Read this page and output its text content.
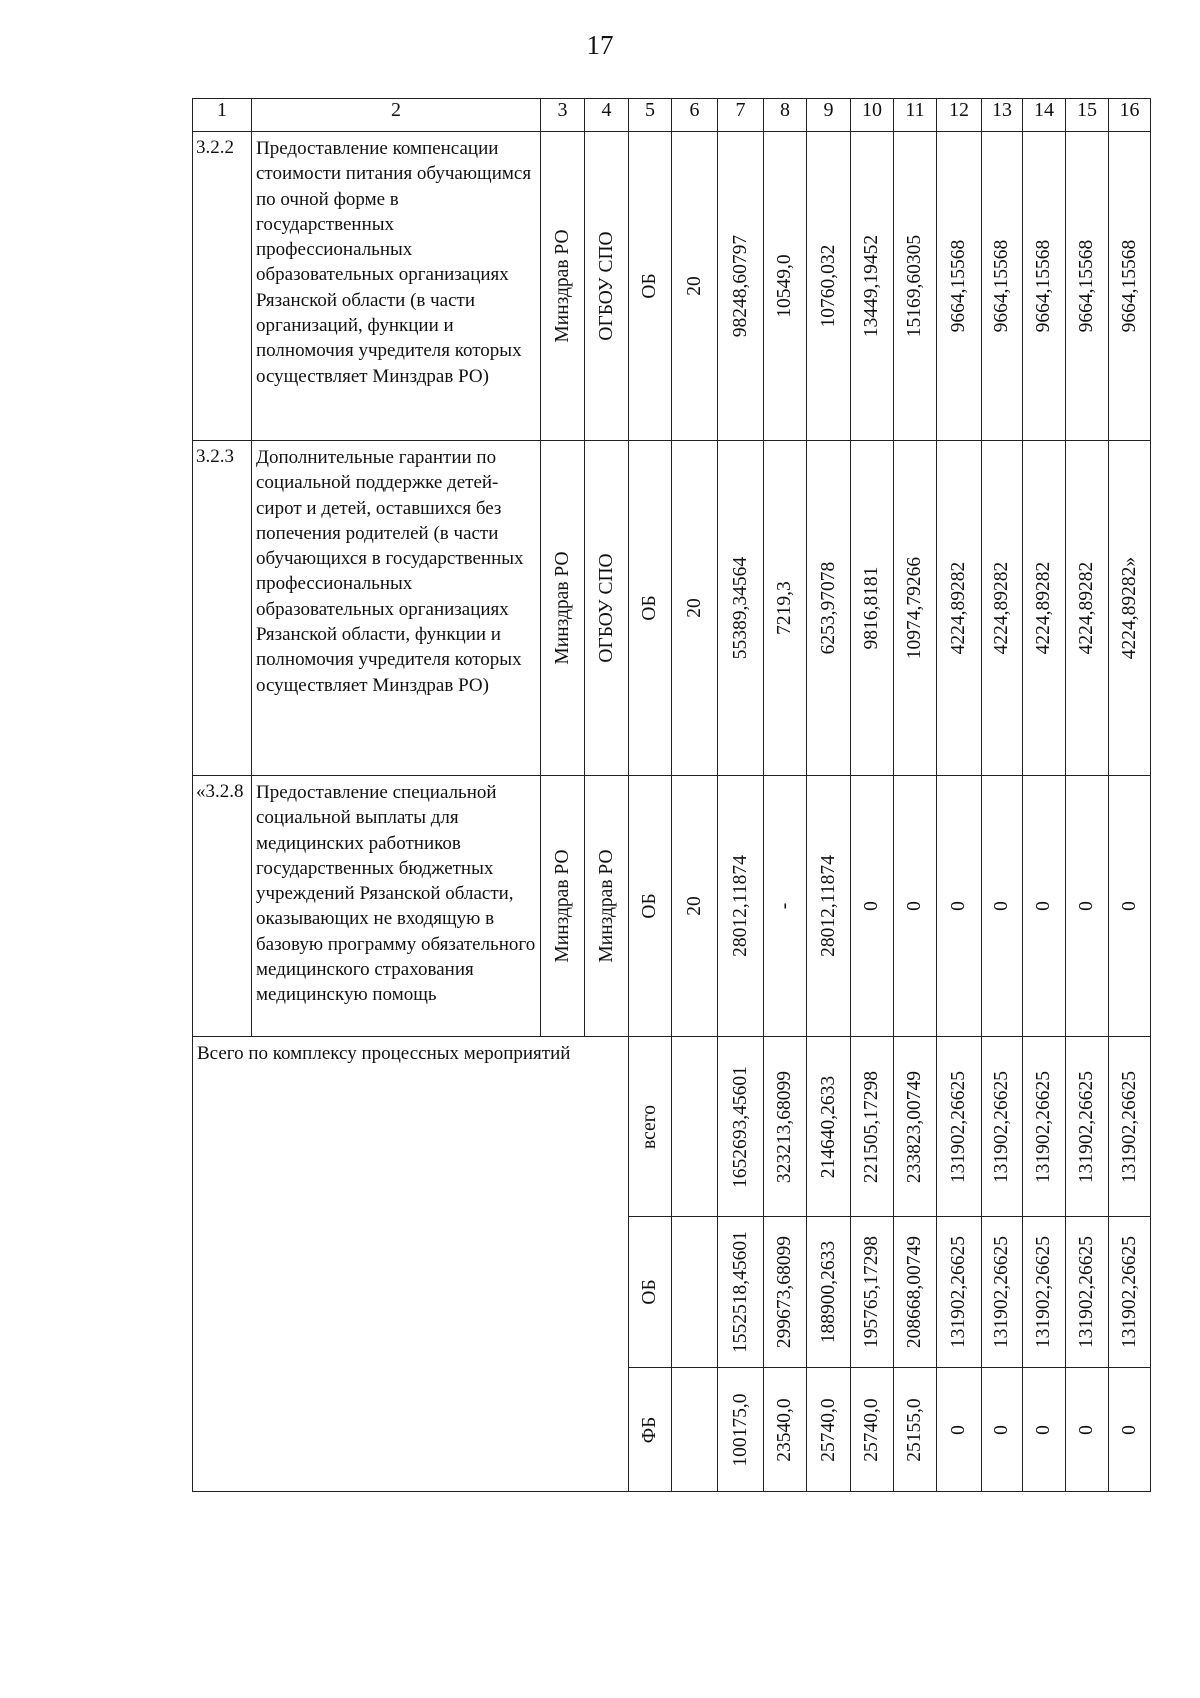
17
1	2	3	4	5	6	7	8	9	10	11	12	13	14	15	16
3.2.2	Предоставление компенсации стоимости питания обучающимся по очной форме в государственных профессиональных образовательных организациях Рязанской области (в части организаций, функции и полномочия учредителя которых осуществляет Минздрав РО)	Минздрав РО	ОГБОУ СПО	ОБ	20	98248,60797	10549,0	10760,032	13449,19452	15169,60305	9664,15568	9664,15568	9664,15568	9664,15568	9664,15568

3.2.3	Дополнительные гарантии по социальной поддержке детей-сирот и детей, оставшихся без попечения родителей (в части обучающихся в государственных профессиональных образовательных организациях Рязанской области, функции и полномочия учредителя которых осуществляет Минздрав РО)	Минздрав РО	ОГБОУ СПО	ОБ	20	55389,34564	7219,3	6253,97078	9816,8181	10974,79266	4224,89282	4224,89282	4224,89282	4224,89282	4224,89282»

«3.2.8	Предоставление специальной социальной выплаты для медицинских работников государственных бюджетных учреждений Рязанской области, оказывающих не входящую в базовую программу обязательного медицинского страхования медицинскую помощь	Минздрав РО	Минздрав РО	ОБ	20	28012,11874	-	28012,11874	0	0	0	0	0	0	0

Всего по комплексу процессных мероприятий				всего		1652693,45601	323213,68099	214640,2633	221505,17298	233823,00749	131902,26625	131902,26625	131902,26625	131902,26625	131902,26625

				ОБ		1552518,45601	299673,68099	188900,2633	195765,17298	208668,00749	131902,26625	131902,26625	131902,26625	131902,26625	131902,26625

				ФБ		100175,0	23540,0	25740,0	25740,0	25155,0	0	0	0	0	0
